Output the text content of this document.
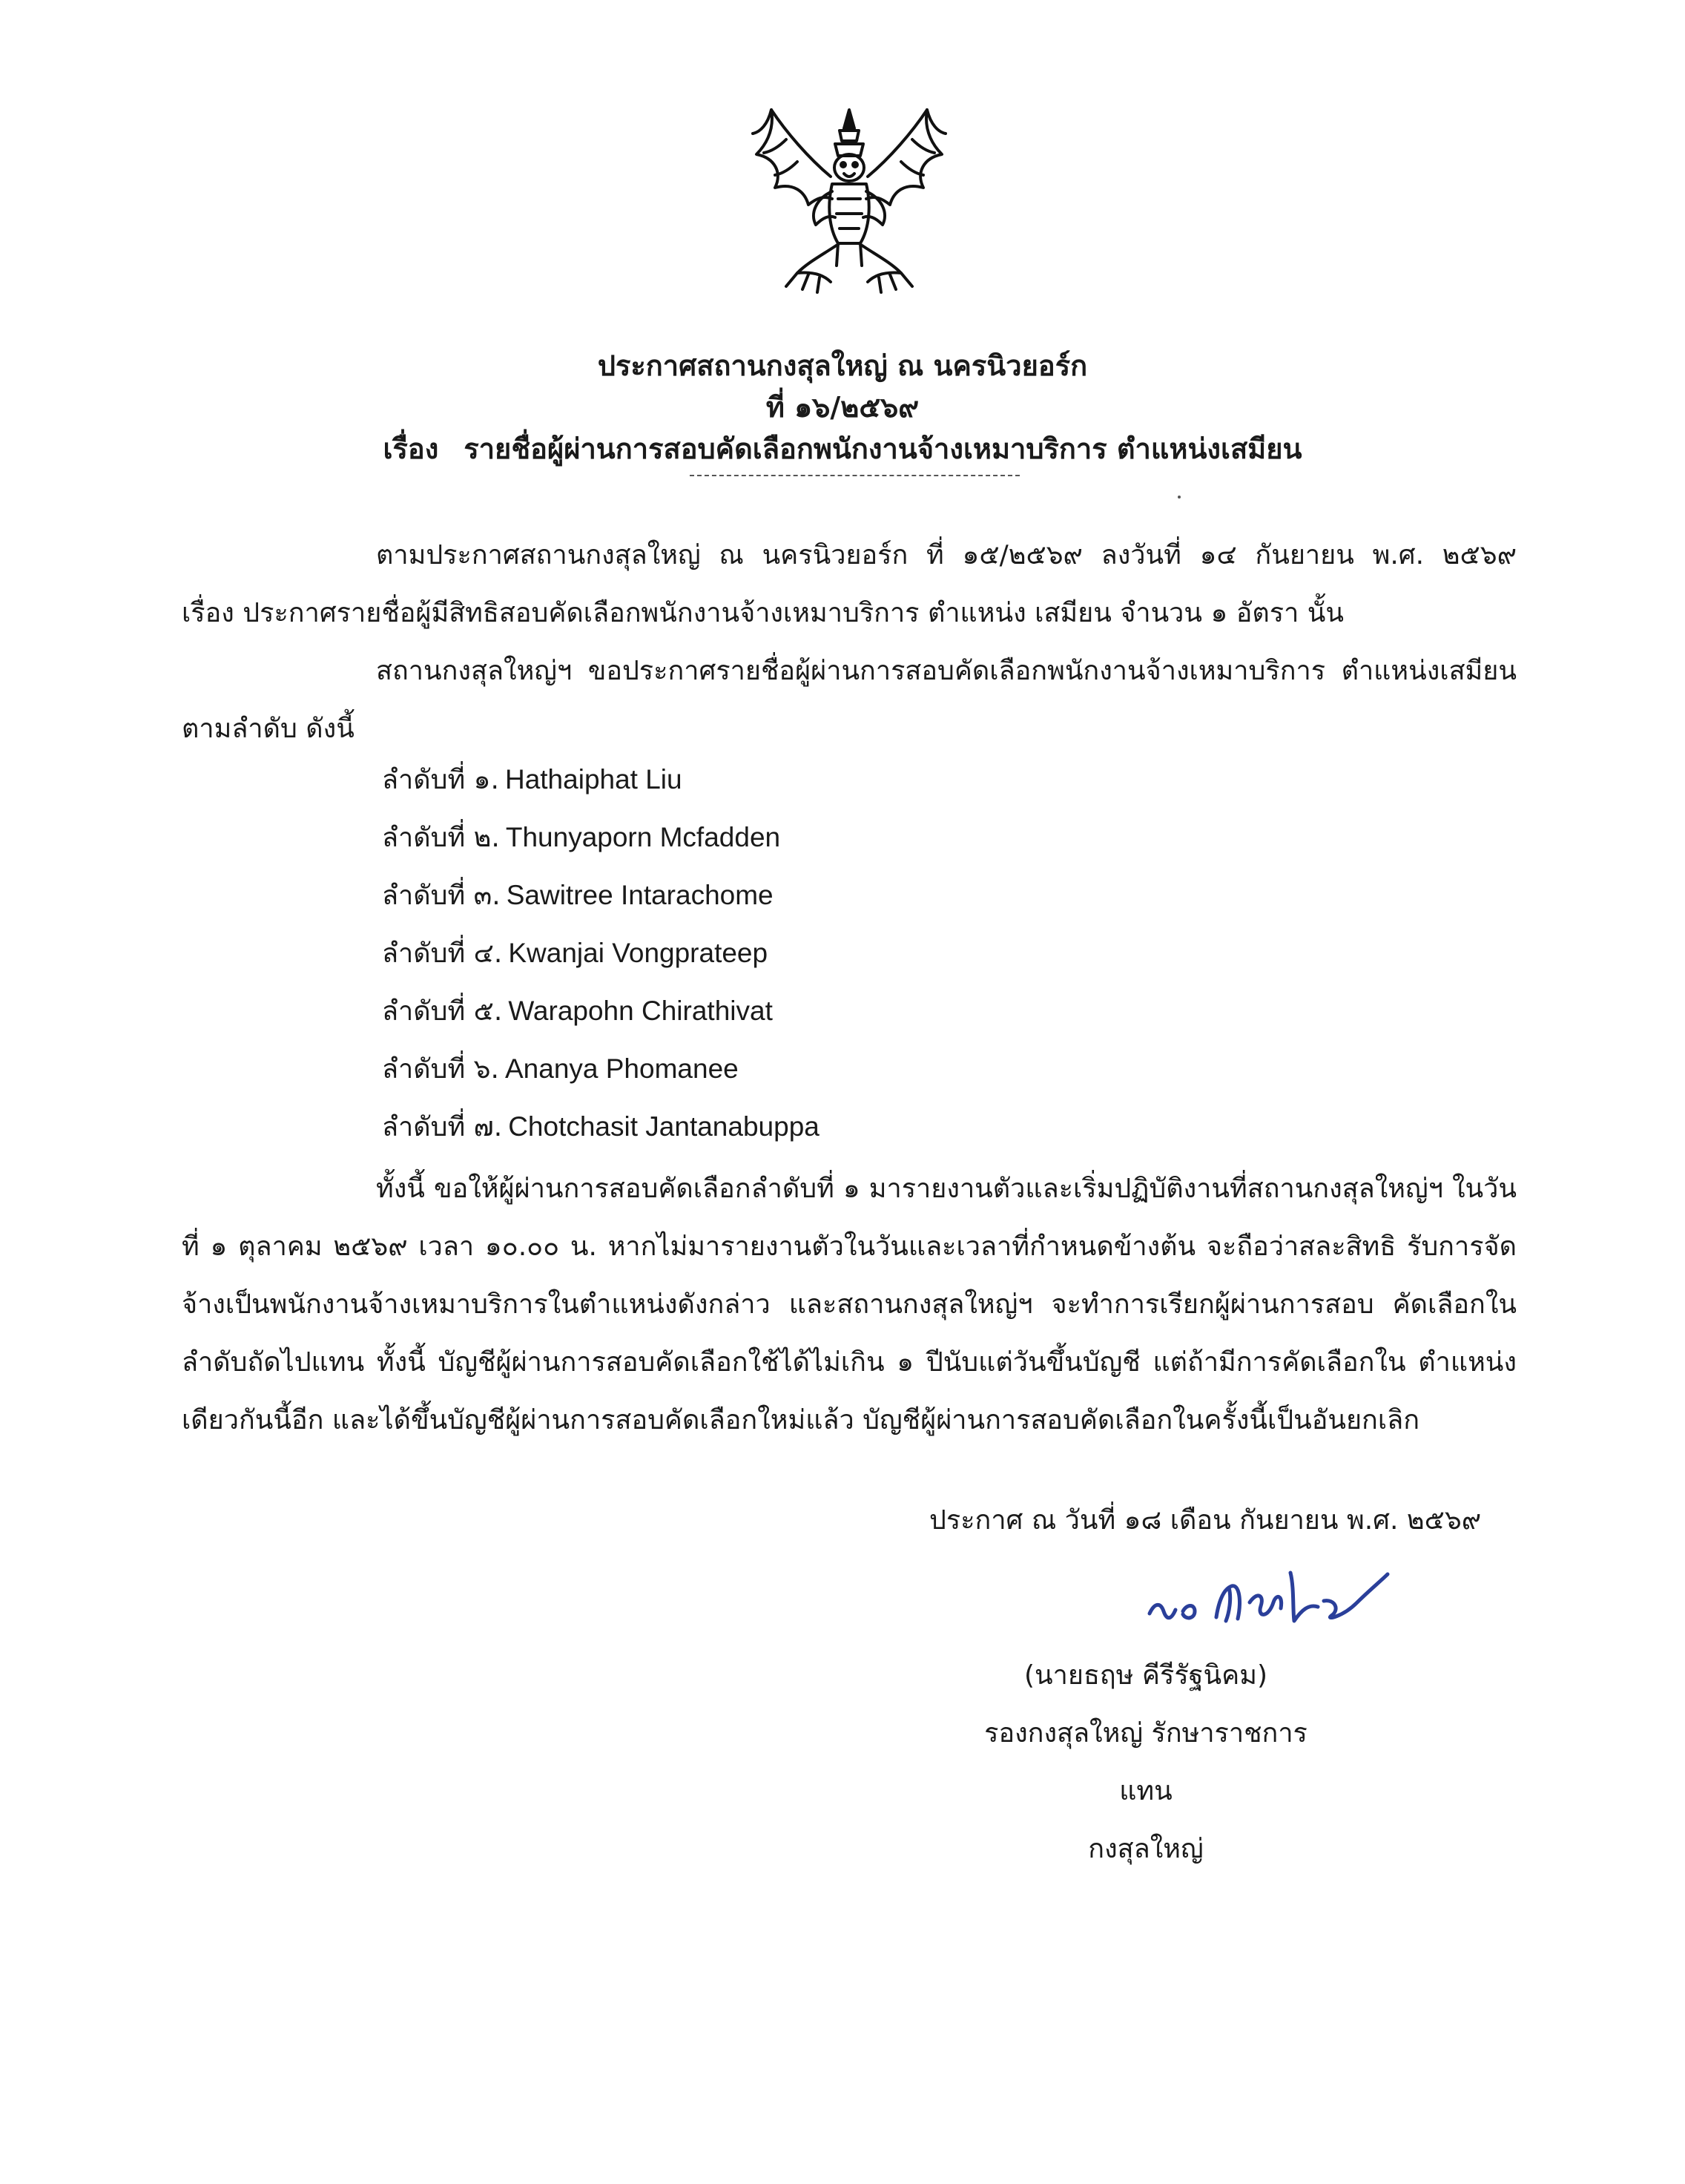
ประกาศสถานกงสุลใหญ่ ณ นครนิวยอร์ก
ที่ ๑๖/๒๕๖๙
เรื่อง รายชื่อผู้ผ่านการสอบคัดเลือกพนักงานจ้างเหมาบริการ ตำแหน่งเสมียน

ตามประกาศสถานกงสุลใหญ่ ณ นครนิวยอร์ก ที่ ๑๕/๒๕๖๙ ลงวันที่ ๑๔ กันยายน พ.ศ. ๒๕๖๙

เรื่อง ประกาศรายชื่อผู้มีสิทธิสอบคัดเลือกพนักงานจ้างเหมาบริการ ตำแหน่ง เสมียน จำนวน ๑ อัตรา นั้น

สถานกงสุลใหญ่ฯ ขอประกาศรายชื่อผู้ผ่านการสอบคัดเลือกพนักงานจ้างเหมาบริการ ตำแหน่งเสมียน ตามลำดับ ดังนี้

ลำดับที่ ๑. Hathaiphat Liu
ลำดับที่ ๒. Thunyaporn Mcfadden
ลำดับที่ ๓. Sawitree Intarachome
ลำดับที่ ๔. Kwanjai Vongprateep
ลำดับที่ ๕. Warapohn Chirathivat
ลำดับที่ ๖. Ananya Phomanee
ลำดับที่ ๗. Chotchasit Jantanabuppa

ทั้งนี้ ขอให้ผู้ผ่านการสอบคัดเลือกลำดับที่ ๑ มารายงานตัวและเริ่มปฏิบัติงานที่สถานกงสุลใหญ่ฯ ในวันที่ ๑ ตุลาคม ๒๕๖๙ เวลา ๑๐.๐๐ น. หากไม่มารายงานตัวในวันและเวลาที่กำหนดข้างต้น จะถือว่าสละสิทธิ รับการจัดจ้างเป็นพนักงานจ้างเหมาบริการในตำแหน่งดังกล่าว และสถานกงสุลใหญ่ฯ จะทำการเรียกผู้ผ่านการสอบ คัดเลือกในลำดับถัดไปแทน ทั้งนี้ บัญชีผู้ผ่านการสอบคัดเลือกใช้ได้ไม่เกิน ๑ ปีนับแต่วันขึ้นบัญชี แต่ถ้ามีการคัดเลือกใน ตำแหน่งเดียวกันนี้อีก และได้ขึ้นบัญชีผู้ผ่านการสอบคัดเลือกใหม่แล้ว บัญชีผู้ผ่านการสอบคัดเลือกในครั้งนี้เป็นอันยกเลิก

ประกาศ ณ วันที่ ๑๘ เดือน กันยายน พ.ศ. ๒๕๖๙
(นายธฤษ คีรีรัฐนิคม)
รองกงสุลใหญ่ รักษาราชการแทน
กงสุลใหญ่
